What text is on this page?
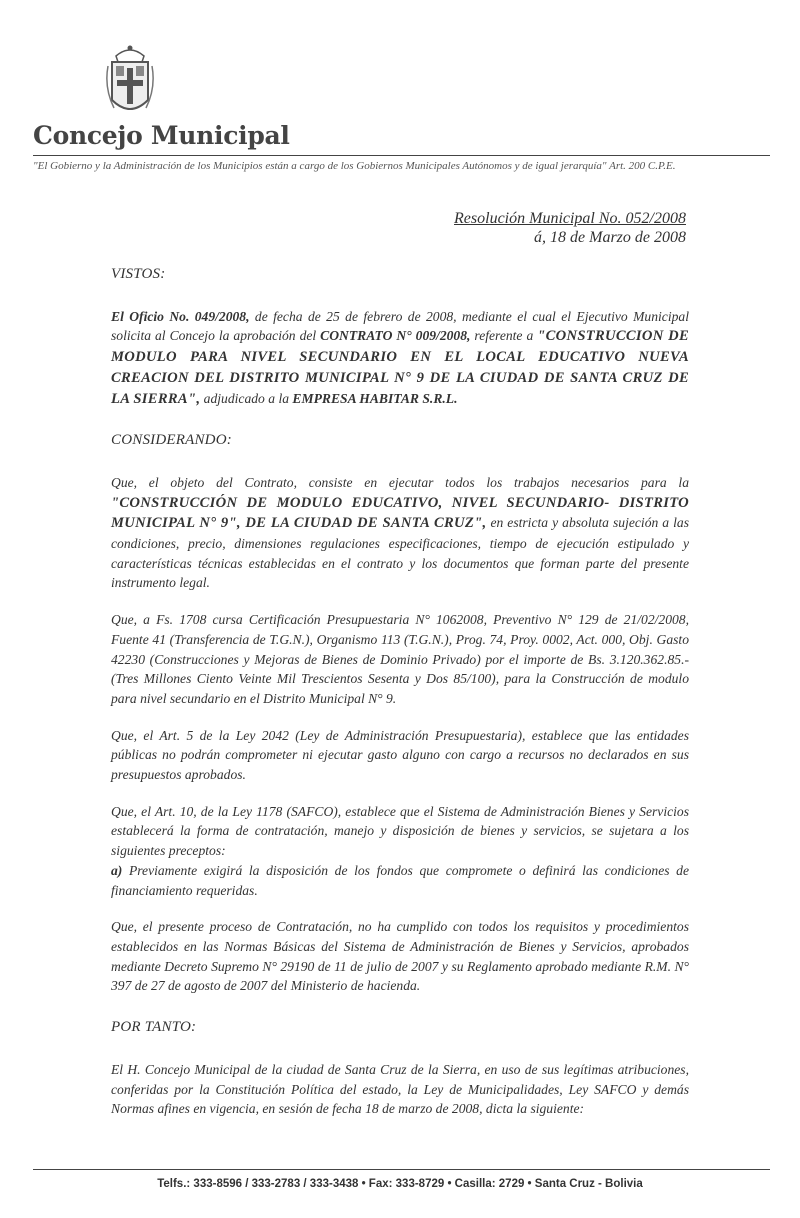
Concejo Municipal
"El Gobierno y la Administración de los Municipios están a cargo de los Gobiernos Municipales Autónomos y de igual jerarquía" Art. 200 C.P.E.
Resolución Municipal No. 052/2008
á, 18 de Marzo de 2008

VISTOS:

El Oficio No. 049/2008, de fecha de 25 de febrero de 2008, mediante el cual el Ejecutivo Municipal solicita al Concejo la aprobación del CONTRATO N° 009/2008, referente a "CONSTRUCCION DE MODULO PARA NIVEL SECUNDARIO EN EL LOCAL EDUCATIVO NUEVA CREACION DEL DISTRITO MUNICIPAL N° 9 DE LA CIUDAD DE SANTA CRUZ DE LA SIERRA", adjudicado a la EMPRESA HABITAR S.R.L.

CONSIDERANDO:

Que, el objeto del Contrato, consiste en ejecutar todos los trabajos necesarios para la "CONSTRUCCIÓN DE MODULO EDUCATIVO, NIVEL SECUNDARIO- DISTRITO MUNICIPAL N° 9", DE LA CIUDAD DE SANTA CRUZ", en estricta y absoluta sujeción a las condiciones, precio, dimensiones regulaciones especificaciones, tiempo de ejecución estipulado y características técnicas establecidas en el contrato y los documentos que forman parte del presente instrumento legal.

Que, a Fs. 1708 cursa Certificación Presupuestaria N° 1062008, Preventivo N° 129 de 21/02/2008, Fuente 41 (Transferencia de T.G.N.), Organismo 113 (T.G.N.), Prog. 74, Proy. 0002, Act. 000, Obj. Gasto 42230 (Construcciones y Mejoras de Bienes de Dominio Privado) por el importe de Bs. 3.120.362.85.- (Tres Millones Ciento Veinte Mil Trescientos Sesenta y Dos 85/100), para la Construcción de modulo para nivel secundario en el Distrito Municipal N° 9.

Que, el Art. 5 de la Ley 2042 (Ley de Administración Presupuestaria), establece que las entidades públicas no podrán comprometer ni ejecutar gasto alguno con cargo a recursos no declarados en sus presupuestos aprobados.

Que, el Art. 10, de la Ley 1178 (SAFCO), establece que el Sistema de Administración Bienes y Servicios establecerá la forma de contratación, manejo y disposición de bienes y servicios, se sujetara a los siguientes preceptos:

a) Previamente exigirá la disposición de los fondos que compromete o definirá las condiciones de financiamiento requeridas.

Que, el presente proceso de Contratación, no ha cumplido con todos los requisitos y procedimientos establecidos en las Normas Básicas del Sistema de Administración de Bienes y Servicios, aprobados mediante Decreto Supremo N° 29190 de 11 de julio de 2007 y su Reglamento aprobado mediante R.M. N° 397 de 27 de agosto de 2007 del Ministerio de hacienda.

POR TANTO:

El H. Concejo Municipal de la ciudad de Santa Cruz de la Sierra, en uso de sus legítimas atribuciones, conferidas por la Constitución Política del estado, la Ley de Municipalidades, Ley SAFCO y demás Normas afines en vigencia, en sesión de fecha 18 de marzo de 2008, dicta la siguiente:

Telfs.: 333-8596 / 333-2783 / 333-3438 • Fax: 333-8729 • Casilla: 2729 • Santa Cruz - Bolivia
